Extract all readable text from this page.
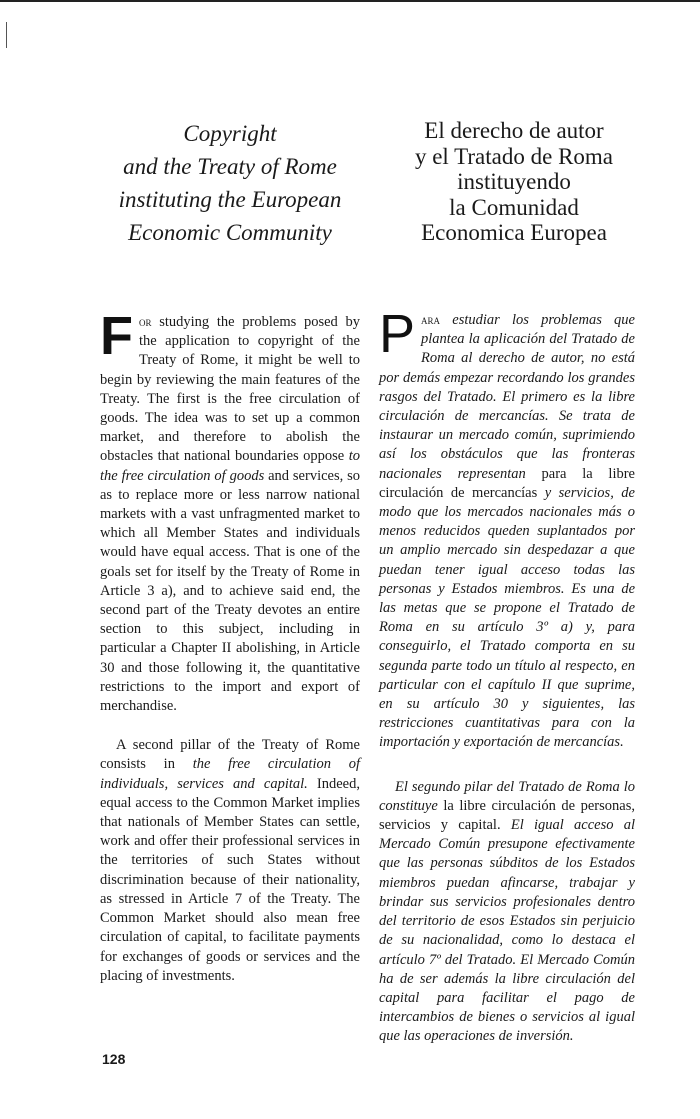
Copyright
and the Treaty of Rome
instituting the European
Economic Community
El derecho de autor
y el Tratado de Roma
instituyendo
la Comunidad
Economica Europea

For studying the problems posed by the application to copyright of the Treaty of Rome, it might be well to begin by reviewing the main features of the Treaty. The first is the free circulation of goods. The idea was to set up a common market, and therefore to abolish the obstacles that national boundaries oppose to the free circulation of goods and services, so as to replace more or less narrow national markets with a vast unfragmented market to which all Member States and individuals would have equal access. That is one of the goals set for itself by the Treaty of Rome in Article 3 a), and to achieve said end, the second part of the Treaty devotes an entire section to this subject, including in particular a Chapter II abolishing, in Article 30 and those following it, the quantitative restrictions to the import and export of merchandise.

A second pillar of the Treaty of Rome consists in the free circulation of individuals, services and capital. Indeed, equal access to the Common Market implies that nationals of Member States can settle, work and offer their professional services in the territories of such States without discrimination because of their nationality, as stressed in Article 7 of the Treaty. The Common Market should also mean free circulation of capital, to facilitate payments for exchanges of goods or services and the placing of investments.

Para estudiar los problemas que plantea la aplicación del Tratado de Roma al derecho de autor, no está por demás empezar recordando los grandes rasgos del Tratado. El primero es la libre circulación de mercancías. Se trata de instaurar un mercado común, suprimiendo así los obstáculos que las fronteras nacionales representan para la libre circulación de mercancías y servicios, de modo que los mercados nacionales más o menos reducidos queden suplantados por un amplio mercado sin despedazar a que puedan tener igual acceso todas las personas y Estados miembros. Es una de las metas que se propone el Tratado de Roma en su artículo 3º a) y, para conseguirlo, el Tratado comporta en su segunda parte todo un título al respecto, en particular con el capítulo II que suprime, en su artículo 30 y siguientes, las restricciones cuantitativas para con la importación y exportación de mercancías.

El segundo pilar del Tratado de Roma lo constituye la libre circulación de personas, servicios y capital. El igual acceso al Mercado Común presupone efectivamente que las personas súbditos de los Estados miembros puedan afincarse, trabajar y brindar sus servicios profesionales dentro del territorio de esos Estados sin perjuicio de su nacionalidad, como lo destaca el artículo 7º del Tratado. El Mercado Común ha de ser además la libre circulación del capital para facilitar el pago de intercambios de bienes o servicios al igual que las operaciones de inversión.

128
